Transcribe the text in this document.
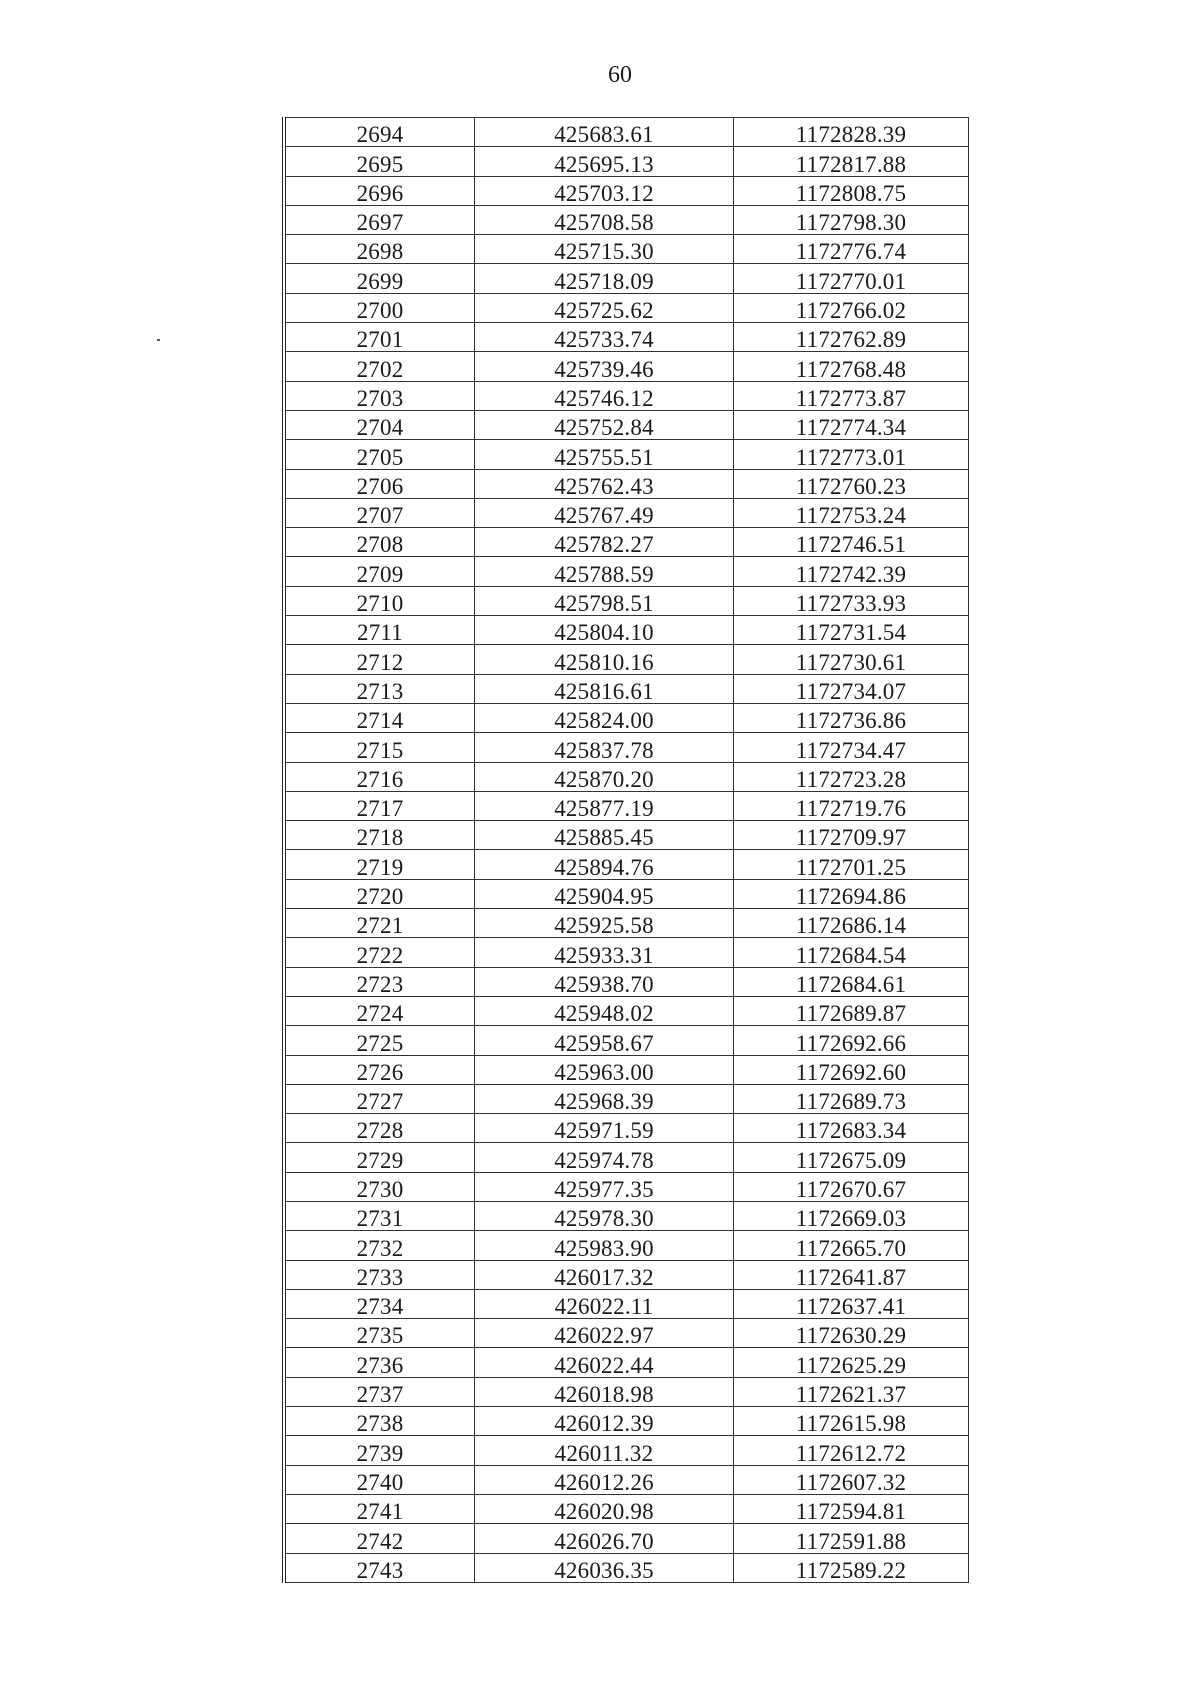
60
2694	425683.61	1172828.39
2695	425695.13	1172817.88
2696	425703.12	1172808.75
2697	425708.58	1172798.30
2698	425715.30	1172776.74
2699	425718.09	1172770.01
2700	425725.62	1172766.02
2701	425733.74	1172762.89
2702	425739.46	1172768.48
2703	425746.12	1172773.87
2704	425752.84	1172774.34
2705	425755.51	1172773.01
2706	425762.43	1172760.23
2707	425767.49	1172753.24
2708	425782.27	1172746.51
2709	425788.59	1172742.39
2710	425798.51	1172733.93
2711	425804.10	1172731.54
2712	425810.16	1172730.61
2713	425816.61	1172734.07
2714	425824.00	1172736.86
2715	425837.78	1172734.47
2716	425870.20	1172723.28
2717	425877.19	1172719.76
2718	425885.45	1172709.97
2719	425894.76	1172701.25
2720	425904.95	1172694.86
2721	425925.58	1172686.14
2722	425933.31	1172684.54
2723	425938.70	1172684.61
2724	425948.02	1172689.87
2725	425958.67	1172692.66
2726	425963.00	1172692.60
2727	425968.39	1172689.73
2728	425971.59	1172683.34
2729	425974.78	1172675.09
2730	425977.35	1172670.67
2731	425978.30	1172669.03
2732	425983.90	1172665.70
2733	426017.32	1172641.87
2734	426022.11	1172637.41
2735	426022.97	1172630.29
2736	426022.44	1172625.29
2737	426018.98	1172621.37
2738	426012.39	1172615.98
2739	426011.32	1172612.72
2740	426012.26	1172607.32
2741	426020.98	1172594.81
2742	426026.70	1172591.88
2743	426036.35	1172589.22
